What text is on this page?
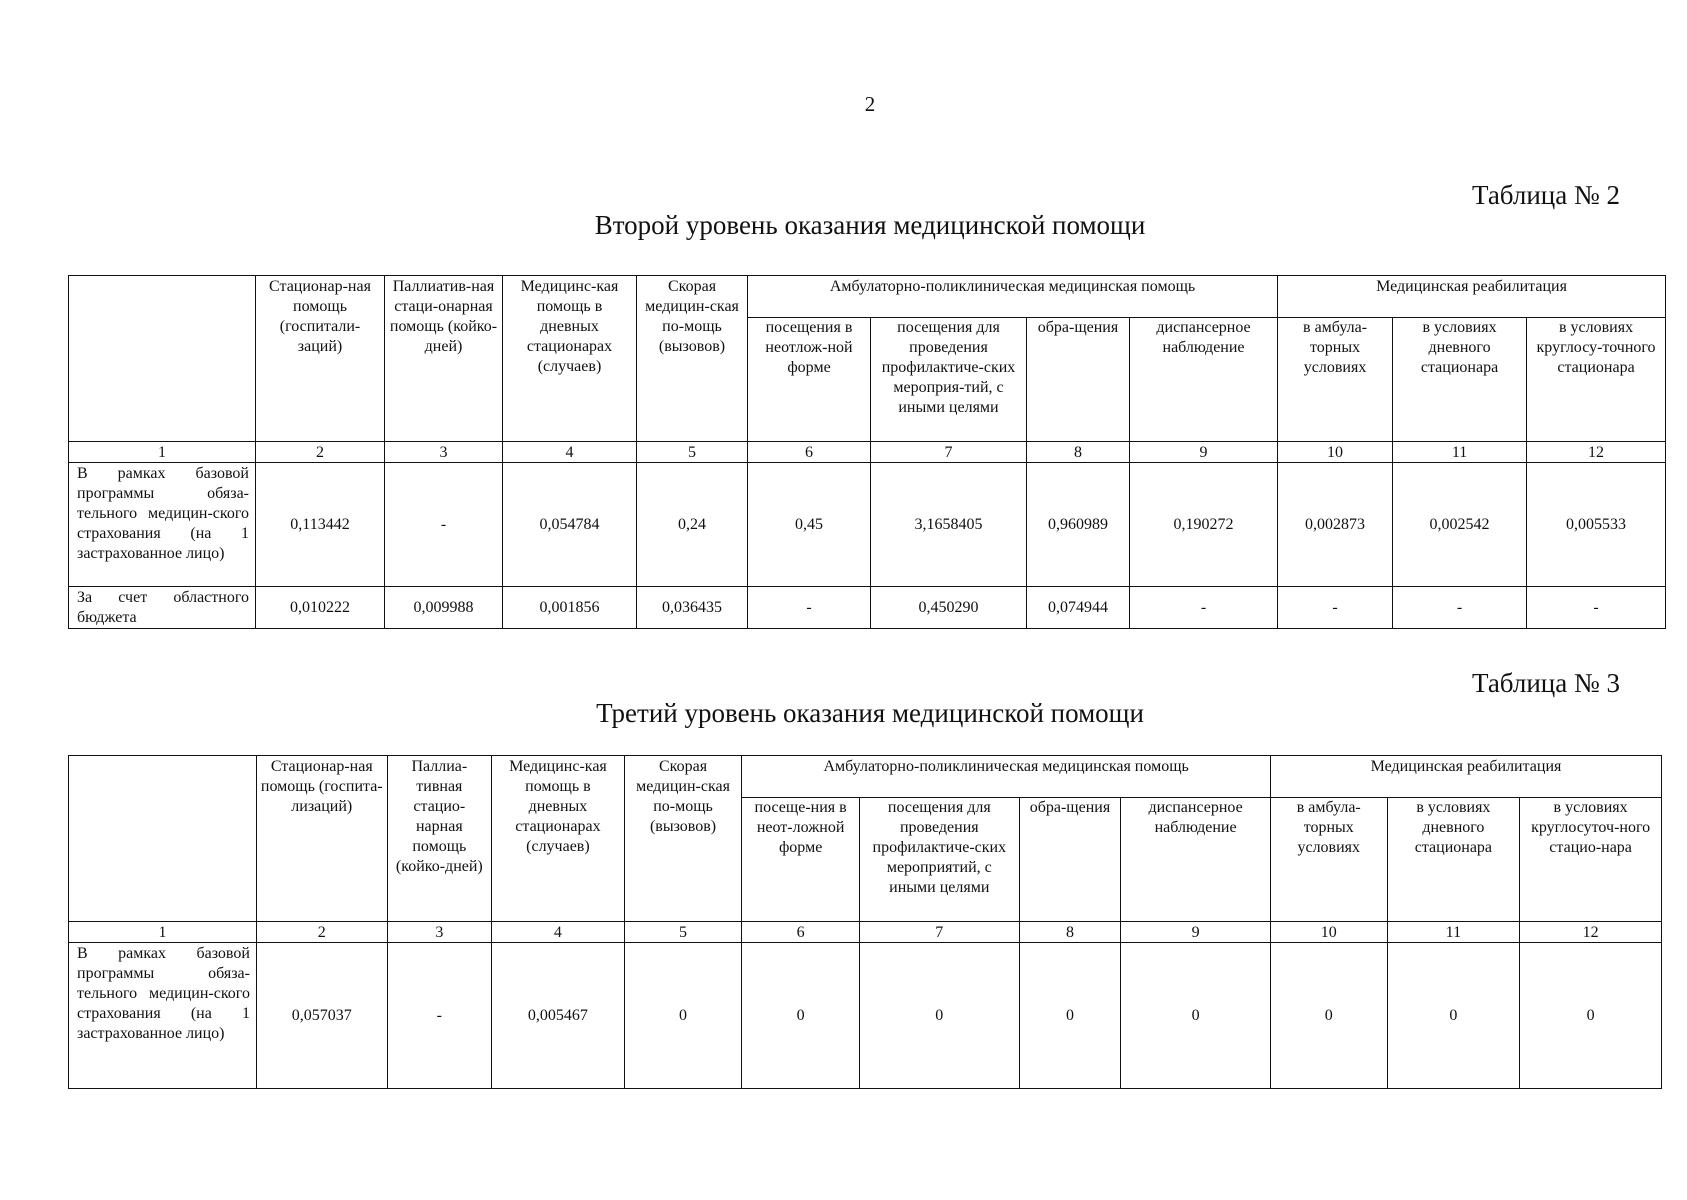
2
Таблица № 2
Второй уровень оказания медицинской помощи
	Стационар-ная помощь (госпитали-заций)	Паллиатив-ная стаци-онарная помощь (койко-дней)	Медицинс-кая помощь в дневных стационарах (случаев)	Скорая медицин-ская по-мощь (вызовов)	Амбулаторно-поликлиническая медицинская помощь				Медицинская реабилитация		
					посещения в неотлож-ной форме	посещения для проведения профилактиче-ских мероприя-тий, с иными целями	обра-щения	диспансерное наблюдение	в амбула-торных условиях	в условиях дневного стационара	в условиях круглосу-точного стационара
1	2	3	4	5	6	7	8	9	10	11	12
В рамках базовой программы обяза-тельного медицин-ского страхования (на 1 застрахованное лицо)	0,113442	-	0,054784	0,24	0,45	3,1658405	0,960989	0,190272	0,002873	0,002542	0,005533
За счет областного бюджета	0,010222	0,009988	0,001856	0,036435	-	0,450290	0,074944	-	-	-	-
Таблица № 3
Третий уровень оказания медицинской помощи
	Стационар-ная помощь (госпита-лизаций)	Паллиа-тивная стацио-нарная помощь (койко-дней)	Медицинс-кая помощь в дневных стационарах (случаев)	Скорая медицин-ская по-мощь (вызовов)	Амбулаторно-поликлиническая медицинская помощь				Медицинская реабилитация		
					посеще-ния в неот-ложной форме	посещения для проведения профилактиче-ских мероприятий, с иными целями	обра-щения	диспансерное наблюдение	в амбула-торных условиях	в условиях дневного стационара	в условиях круглосуточ-ного стацио-нара
1	2	3	4	5	6	7	8	9	10	11	12
В рамках базовой программы обяза-тельного медицин-ского страхования (на 1 застрахованное лицо)	0,057037	-	0,005467	0	0	0	0	0	0	0	0
